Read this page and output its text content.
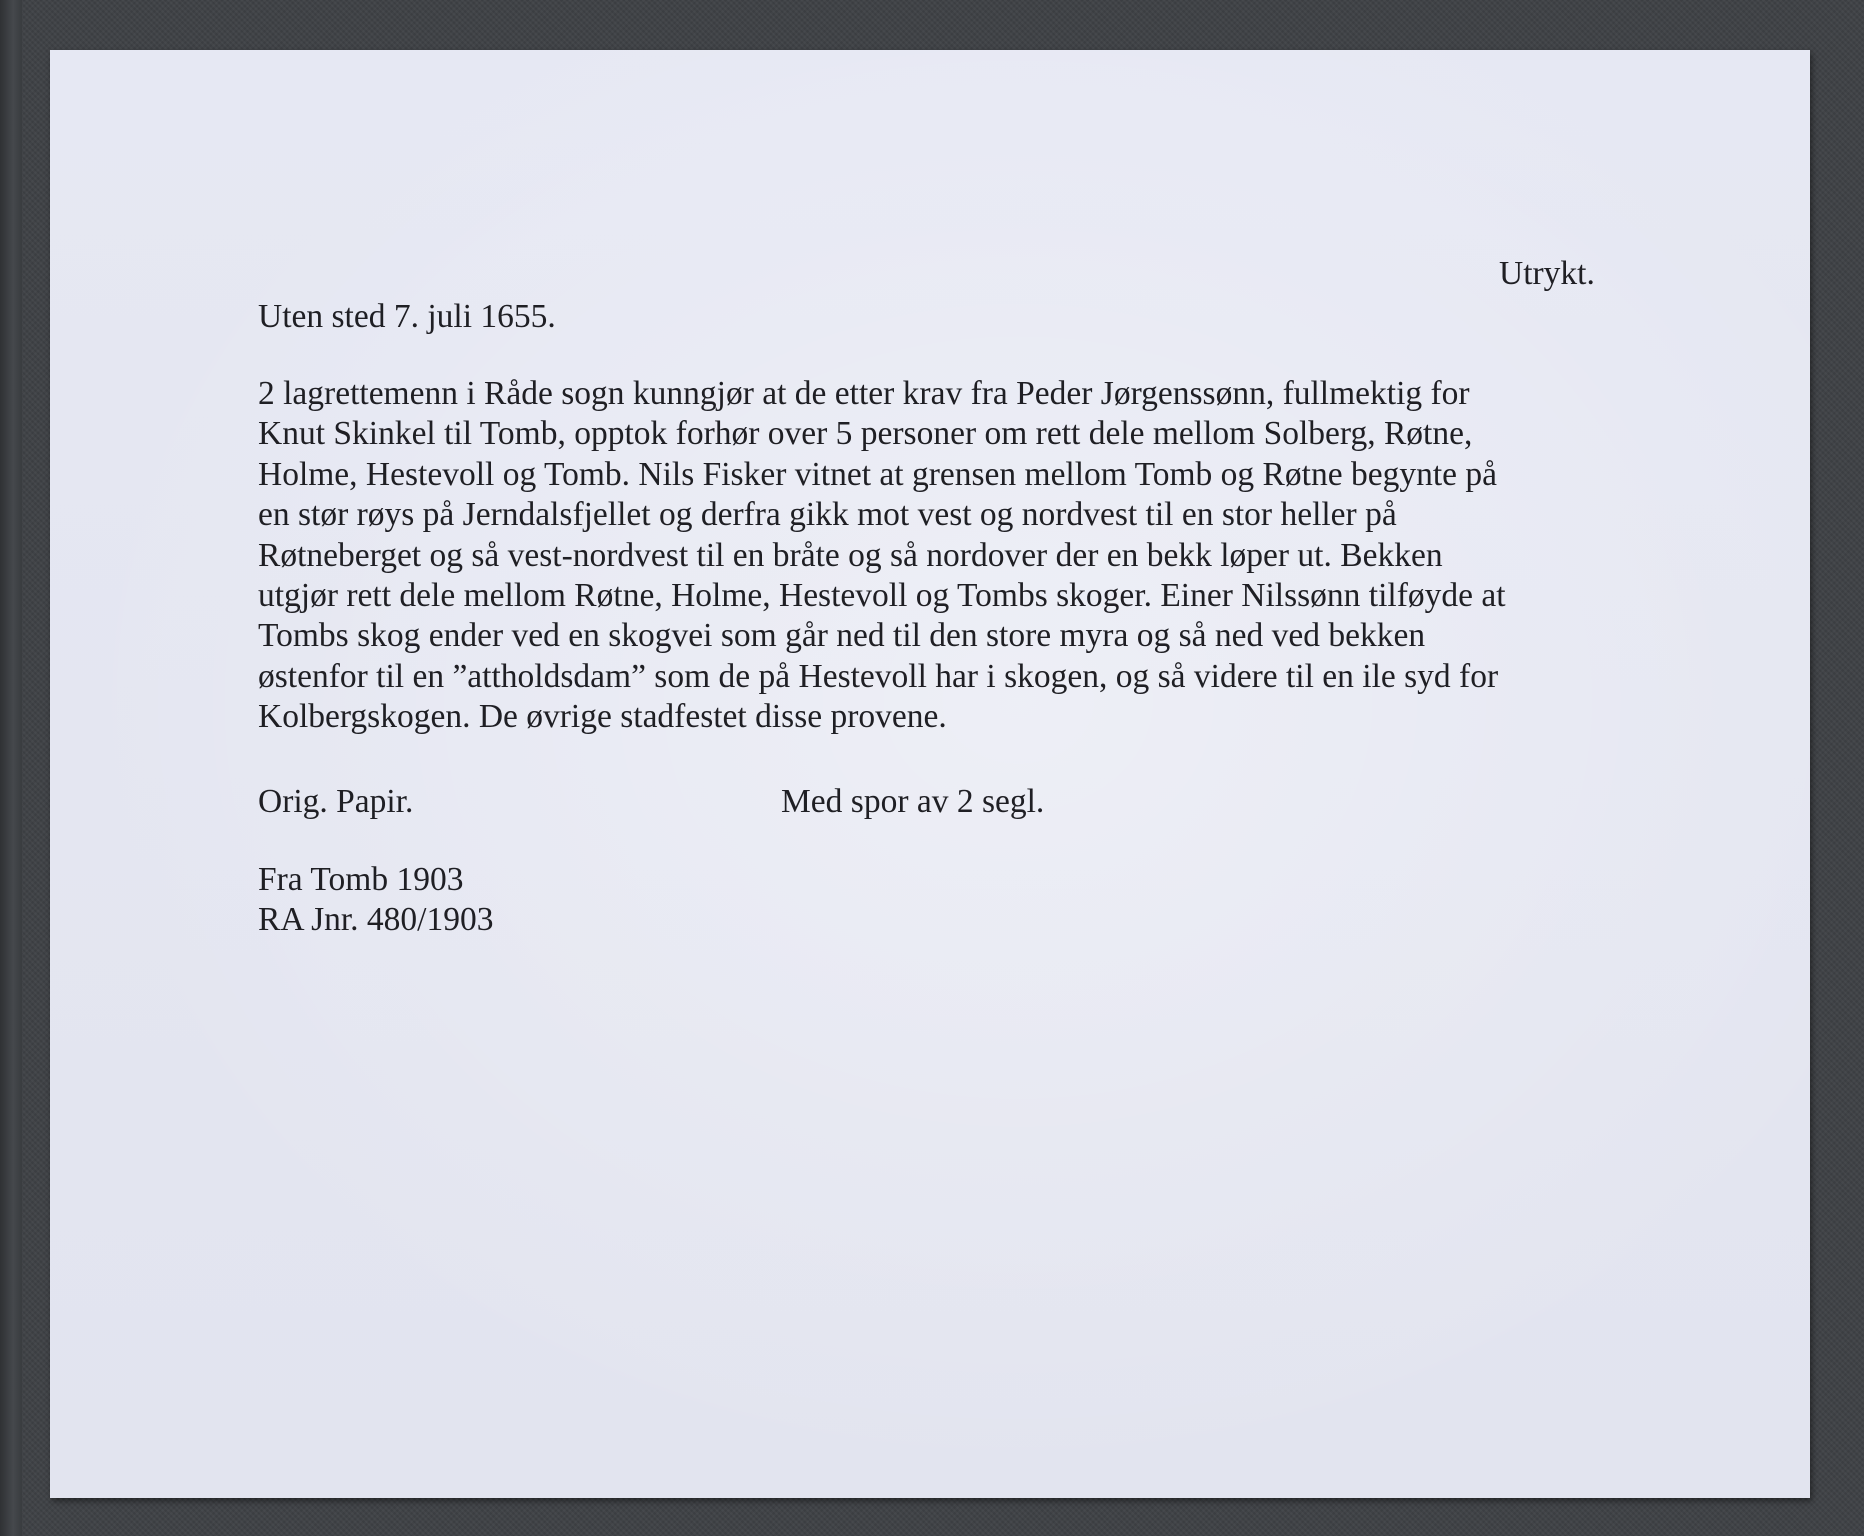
Utrykt.
Uten sted 7. juli 1655.
2 lagrettemenn i Råde sogn kunngjør at de etter krav fra Peder Jørgenssønn, fullmektig for
Knut Skinkel til Tomb, opptok forhør over 5 personer om rett dele mellom Solberg, Røtne,
Holme, Hestevoll og Tomb. Nils Fisker vitnet at grensen mellom Tomb og Røtne begynte på
en stør røys på Jerndalsfjellet og derfra gikk mot vest og nordvest til en stor heller på
Røtneberget og så vest-nordvest til en bråte og så nordover der en bekk løper ut. Bekken
utgjør rett dele mellom Røtne, Holme, Hestevoll og Tombs skoger. Einer Nilssønn tilføyde at
Tombs skog ender ved en skogvei som går ned til den store myra og så ned ved bekken
østenfor til en ”attholdsdam” som de på Hestevoll har i skogen, og så videre til en ile syd for
Kolbergskogen. De øvrige stadfestet disse provene.
Orig. Papir.	Med spor av 2 segl.
Fra Tomb 1903
RA Jnr. 480/1903
